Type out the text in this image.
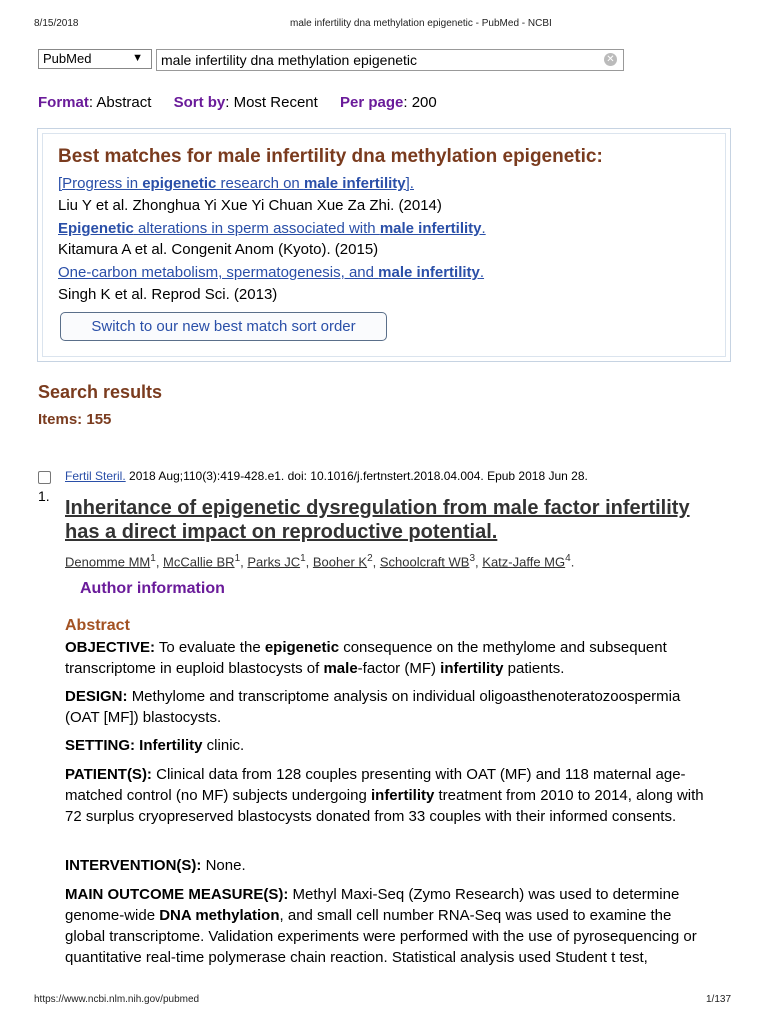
8/15/2018	male infertility dna methylation epigenetic - PubMed - NCBI
PubMed	▼	male infertility dna methylation epigenetic	✕
Format: Abstract Sort by: Most Recent Per page: 200
Best matches for male infertility dna methylation epigenetic:
[Progress in epigenetic research on male infertility].
Liu Y et al. Zhonghua Yi Xue Yi Chuan Xue Za Zhi. (2014)
Epigenetic alterations in sperm associated with male infertility.
Kitamura A et al. Congenit Anom (Kyoto). (2015)
One-carbon metabolism, spermatogenesis, and male infertility.
Singh K et al. Reprod Sci. (2013)
Switch to our new best match sort order
Search results
Items: 155
1.
Fertil Steril. 2018 Aug;110(3):419-428.e1. doi: 10.1016/j.fertnstert.2018.04.004. Epub 2018 Jun 28.
Inheritance of epigenetic dysregulation from male factor infertility has a direct impact on reproductive potential.
Denomme $MM^1$, McCallie $BR^1$, Parks $JC^1$, Booher $K^2$, Schoolcraft $WB^3$, Katz-Jaffe $MG^4$.
Author information
Abstract
OBJECTIVE: To evaluate the epigenetic consequence on the methylome and subsequent transcriptome in euploid blastocysts of male-factor (MF) infertility patients.
DESIGN: Methylome and transcriptome analysis on individual oligoasthenoteratozoospermia (OAT [MF]) blastocysts.
SETTING: Infertility clinic.
PATIENT(S): Clinical data from 128 couples presenting with OAT (MF) and 118 maternal age-matched control (no MF) subjects undergoing infertility treatment from 2010 to 2014, along with 72 surplus cryopreserved blastocysts donated from 33 couples with their informed consents.
INTERVENTION(S): None.
MAIN OUTCOME MEASURE(S): Methyl Maxi-Seq (Zymo Research) was used to determine genome-wide DNA methylation, and small cell number RNA-Seq was used to examine the global transcriptome. Validation experiments were performed with the use of pyrosequencing or quantitative real-time polymerase chain reaction. Statistical analysis used Student t test,
https://www.ncbi.nlm.nih.gov/pubmed	1/137
